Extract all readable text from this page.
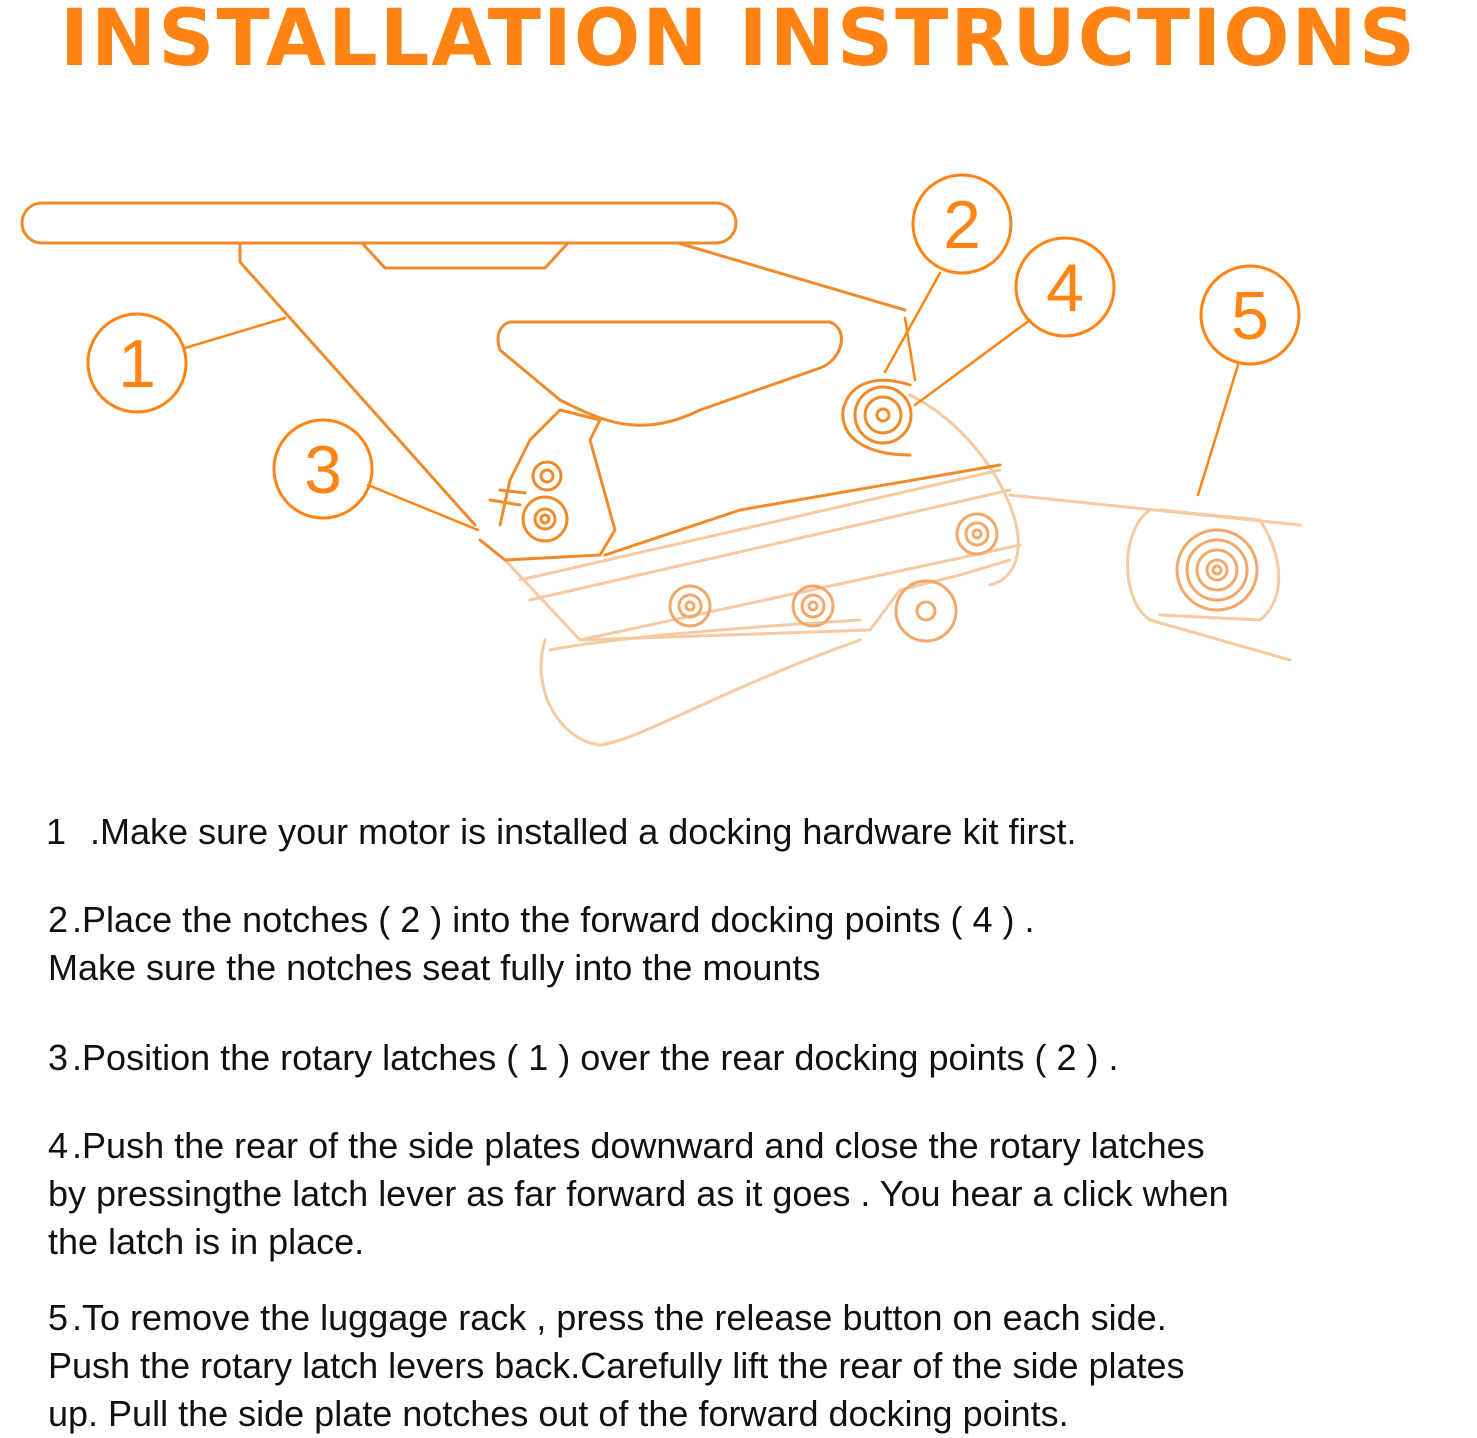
INSTALLATION INSTRUCTIONS
1
2
3
4 5

1 .Make sure your motor is installed a docking hardware kit first.

2 .Place the notches ( 2 ) into the forward docking points ( 4 ) .
Make sure the notches seat fully into the mounts

3 .Position the rotary latches ( 1 ) over the rear docking points ( 2 ) .

4 .Push the rear of the side plates downward and close the rotary latches
by pressingthe latch lever as far forward as it goes . You hear a click when
the latch is in place.

5 .To remove the luggage rack , press the release button on each side.
Push the rotary latch levers back.Carefully lift the rear of the side plates
up. Pull the side plate notches out of the forward docking points.
